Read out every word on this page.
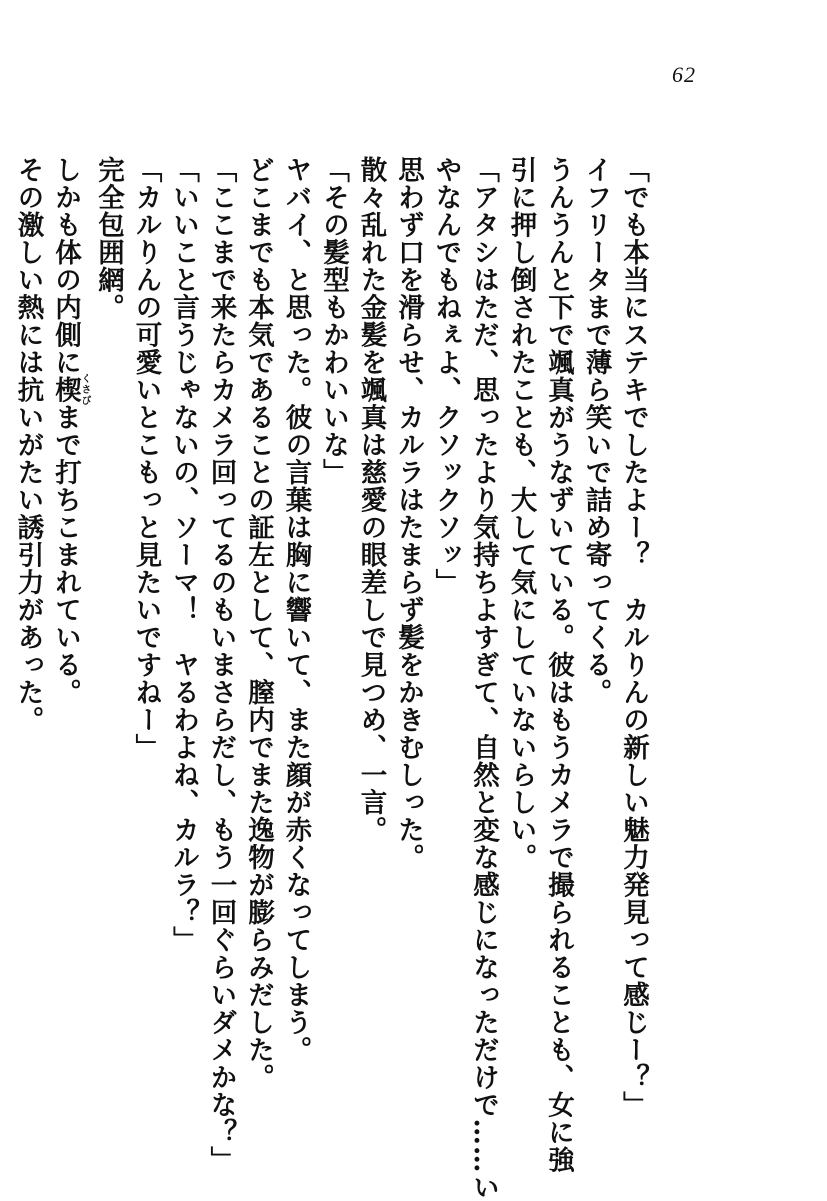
62
「でも本当にステキでしたよー？　カルりんの新しい魅力発見って感じー？」
イフリータまで薄ら笑いで詰め寄ってくる。
うんうんと下で颯真がうなずいている。彼はもうカメラで撮られることも、女に強
引に押し倒されたことも、大して気にしていないらしい。
「アタシはただ、思ったより気持ちよすぎて、自然と変な感じになっただけで……い
やなんでもねぇよ、クソックソッ」
思わず口を滑らせ、カルラはたまらず髪をかきむしった。
散々乱れた金髪を颯真は慈愛の眼差しで見つめ、一言。
「その髪型もかわいいな」
ヤバイ、と思った。彼の言葉は胸に響いて、また顔が赤くなってしまう。
どこまでも本気であることの証左として、膣内でまた逸物が膨らみだした。
「ここまで来たらカメラ回ってるのもいまさらだし、もう一回ぐらいダメかな？」
「いいこと言うじゃないの、ソーマ！　ヤるわよね、カルラ？」
「カルりんの可愛いとこもっと見たいですねー」
完全包囲網。
しかも体の内側に楔くさびまで打ちこまれている。
その激しい熱には抗いがたい誘引力があった。
